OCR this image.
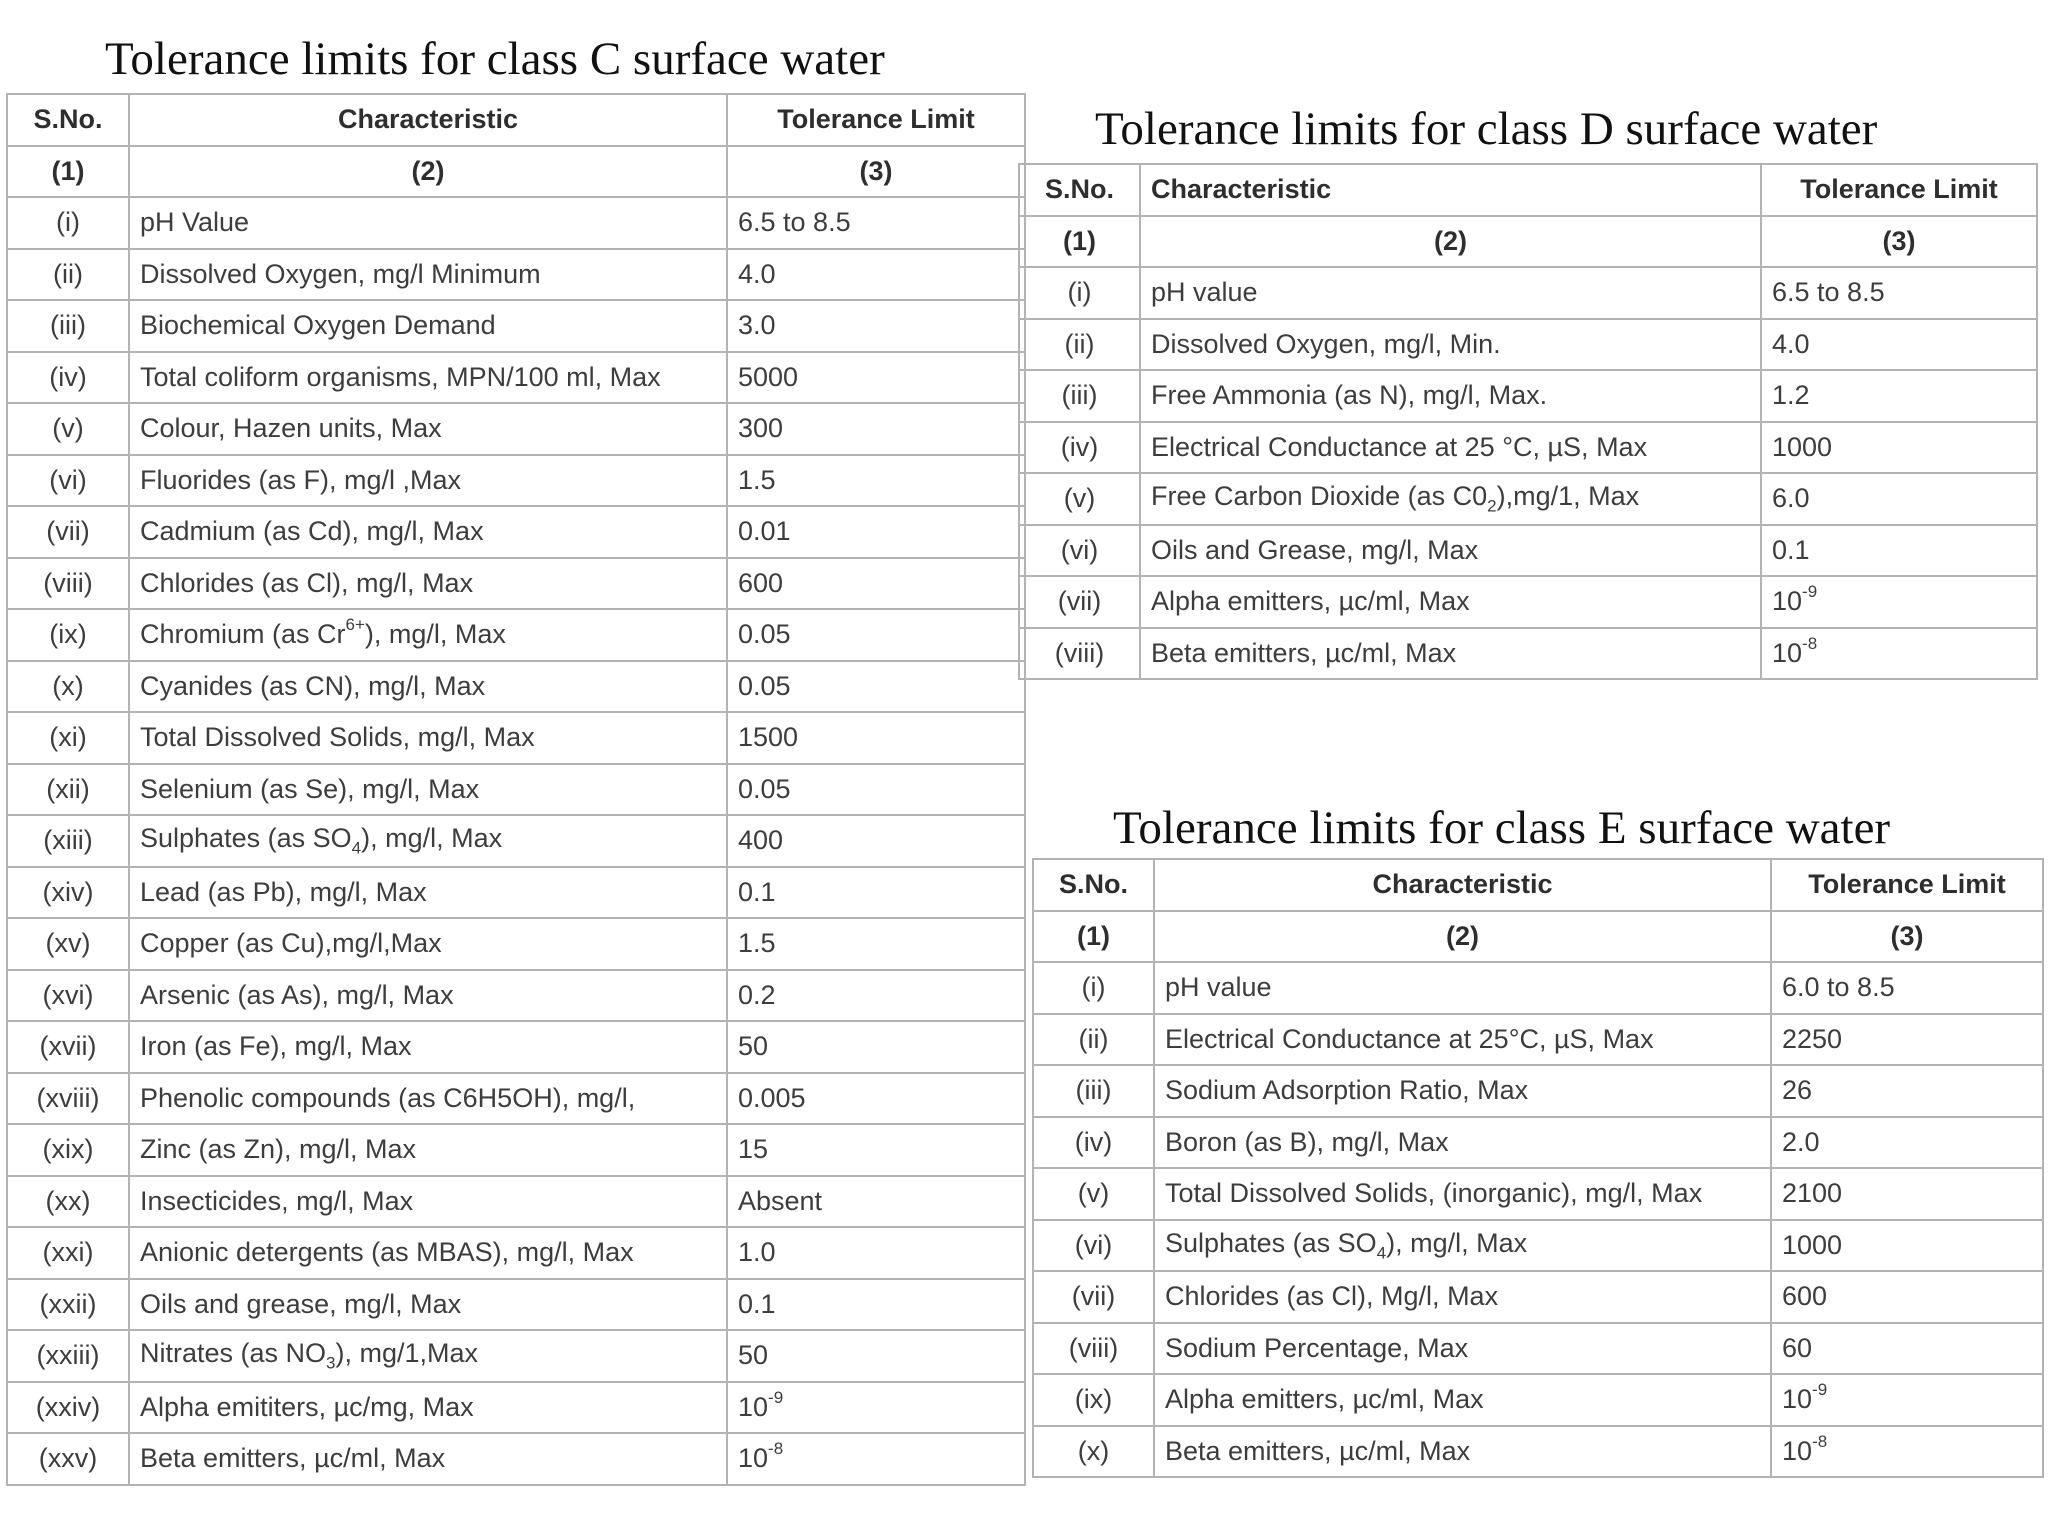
Tolerance limits for class C surface water
S.No.	Characteristic	Tolerance Limit
(1)	(2)	(3)
(i)	pH Value	6.5 to 8.5
(ii)	Dissolved Oxygen, mg/l Minimum	4.0
(iii)	Biochemical Oxygen Demand	3.0
(iv)	Total coliform organisms, MPN/100 ml, Max	5000
(v)	Colour, Hazen units, Max	300
(vi)	Fluorides (as F), mg/l ,Max	1.5
(vii)	Cadmium (as Cd), mg/l, Max	0.01
(viii)	Chlorides (as Cl), mg/l, Max	600
(ix)	Chromium (as $Cr^{6+}$), mg/l, Max	0.05
(x)	Cyanides (as CN), mg/l, Max	0.05
(xi)	Total Dissolved Solids, mg/l, Max	1500
(xii)	Selenium (as Se), mg/l, Max	0.05
(xiii)	Sulphates (as $SO_4$), mg/l, Max	400
(xiv)	Lead (as Pb), mg/l, Max	0.1
(xv)	Copper (as Cu),mg/l,Max	1.5
(xvi)	Arsenic (as As), mg/l, Max	0.2
(xvii)	Iron (as Fe), mg/l, Max	50
(xviii)	Phenolic compounds (as C6H5OH), mg/l,	0.005
(xix)	Zinc (as Zn), mg/l, Max	15
(xx)	Insecticides, mg/l, Max	Absent
(xxi)	Anionic detergents (as MBAS), mg/l, Max	1.0
(xxii)	Oils and grease, mg/l, Max	0.1
(xxiii)	Nitrates (as $NO_3$), mg/1,Max	50
(xxiv)	Alpha emititers, µc/mg, Max	$10^{-9}$
(xxv)	Beta emitters, µc/ml, Max	$10^{-8}$
Tolerance limits for class D surface water
S.No.	Characteristic	Tolerance Limit
(1)	(2)	(3)
(i)	pH value	6.5 to 8.5
(ii)	Dissolved Oxygen, mg/l, Min.	4.0
(iii)	Free Ammonia (as N), mg/l, Max.	1.2
(iv)	Electrical Conductance at 25 °C, µS, Max	1000
(v)	Free Carbon Dioxide (as $C0_2),mg/1$, Max	6.0
(vi)	Oils and Grease, mg/l, Max	0.1
(vii)	Alpha emitters, µc/ml, Max	$10^{-9}$
(viii)	Beta emitters, µc/ml, Max	$10^{-8}$
Tolerance limits for class E surface water
S.No.	Characteristic	Tolerance Limit
(1)	(2)	(3)
(i)	pH value	6.0 to 8.5
(ii)	Electrical Conductance at 25°C, µS, Max	2250
(iii)	Sodium Adsorption Ratio, Max	26
(iv)	Boron (as B), mg/l, Max	2.0
(v)	Total Dissolved Solids, (inorganic), mg/l, Max	2100
(vi)	Sulphates (as $SO_4$), mg/l, Max	1000
(vii)	Chlorides (as Cl), Mg/l, Max	600
(viii)	Sodium Percentage, Max	60
(ix)	Alpha emitters, µc/ml, Max	$10^{-9}$
(x)	Beta emitters, µc/ml, Max	$10^{-8}$
